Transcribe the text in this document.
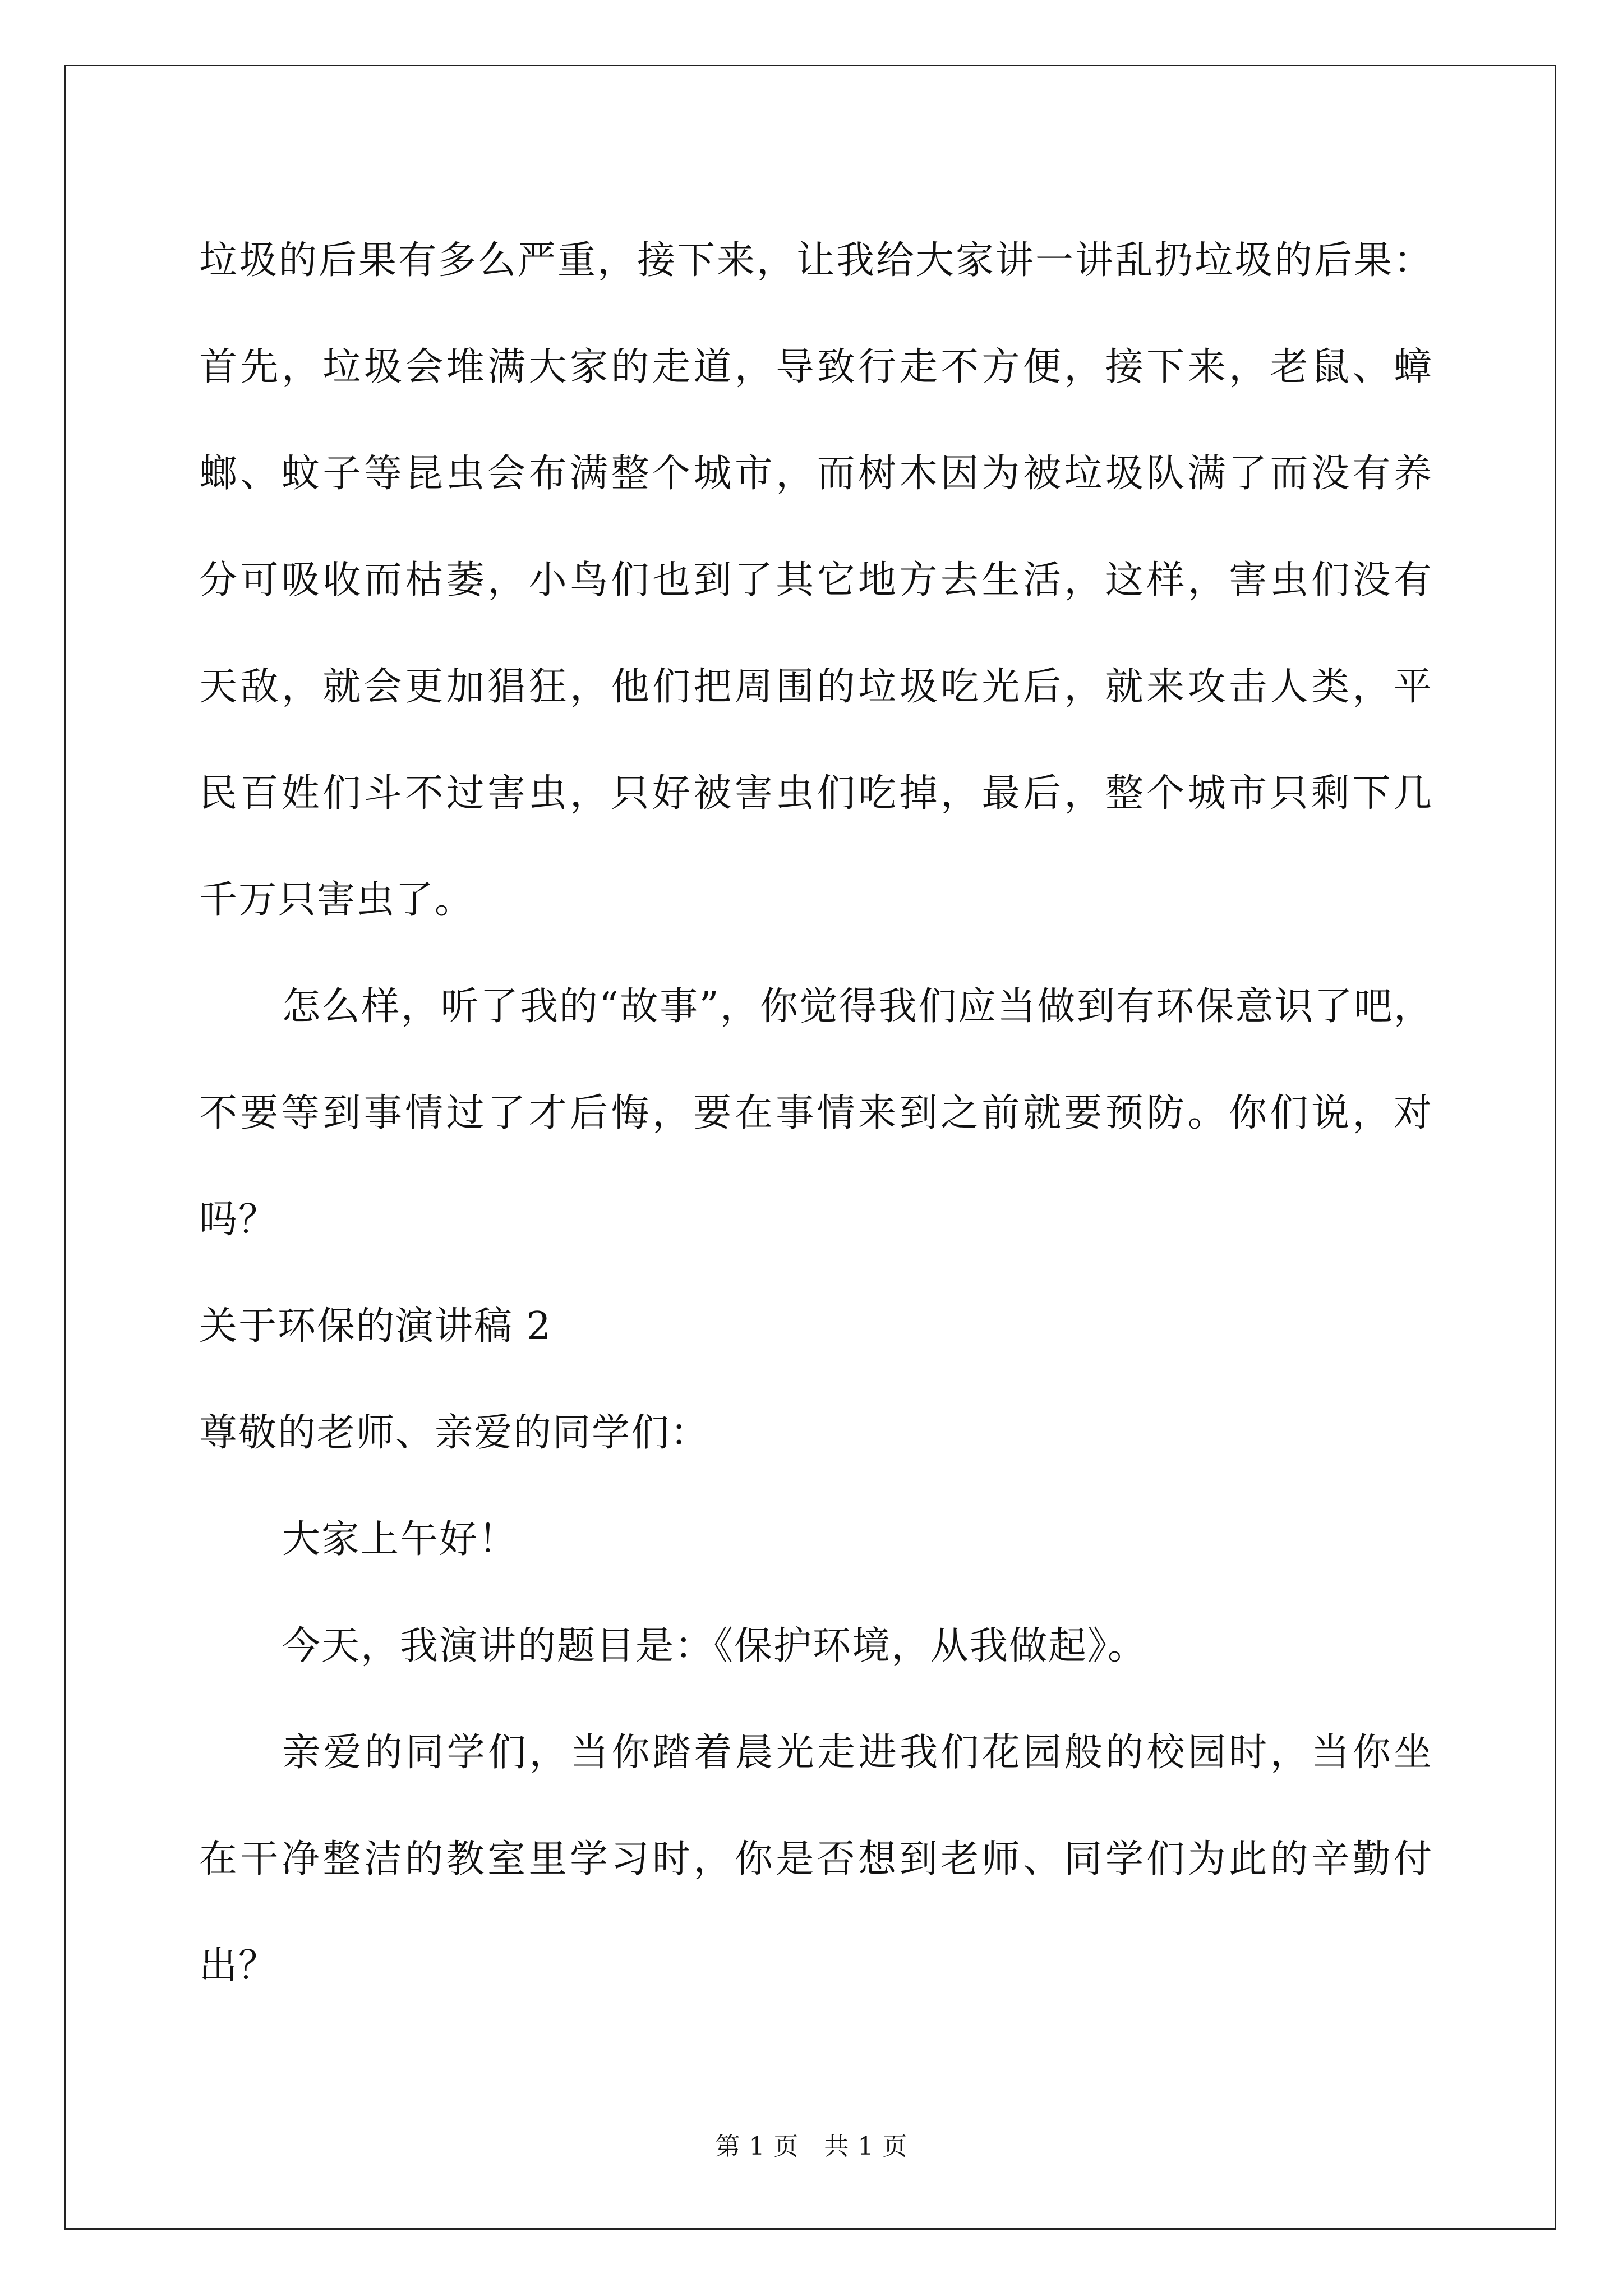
垃圾的后果有多么严重，接下来，让我给大家讲一讲乱扔垃圾的后果：
首先，垃圾会堆满大家的走道，导致行走不方便，接下来，老鼠、蟑
螂、蚊子等昆虫会布满整个城市，而树木因为被垃圾队满了而没有养
分可吸收而枯萎，小鸟们也到了其它地方去生活，这样，害虫们没有
天敌，就会更加猖狂，他们把周围的垃圾吃光后，就来攻击人类，平
民百姓们斗不过害虫，只好被害虫们吃掉，最后，整个城市只剩下几
千万只害虫了。
怎么样，听了我的“故事”，你觉得我们应当做到有环保意识了吧，
不要等到事情过了才后悔，要在事情来到之前就要预防。你们说，对
吗？
关于环保的演讲稿 2
尊敬的老师、亲爱的同学们：
大家上午好！
今天，我演讲的题目是：《保护环境，从我做起》。
亲爱的同学们，当你踏着晨光走进我们花园般的校园时，当你坐
在干净整洁的教室里学习时，你是否想到老师、同学们为此的辛勤付
出？
第 1 页　共 1 页
